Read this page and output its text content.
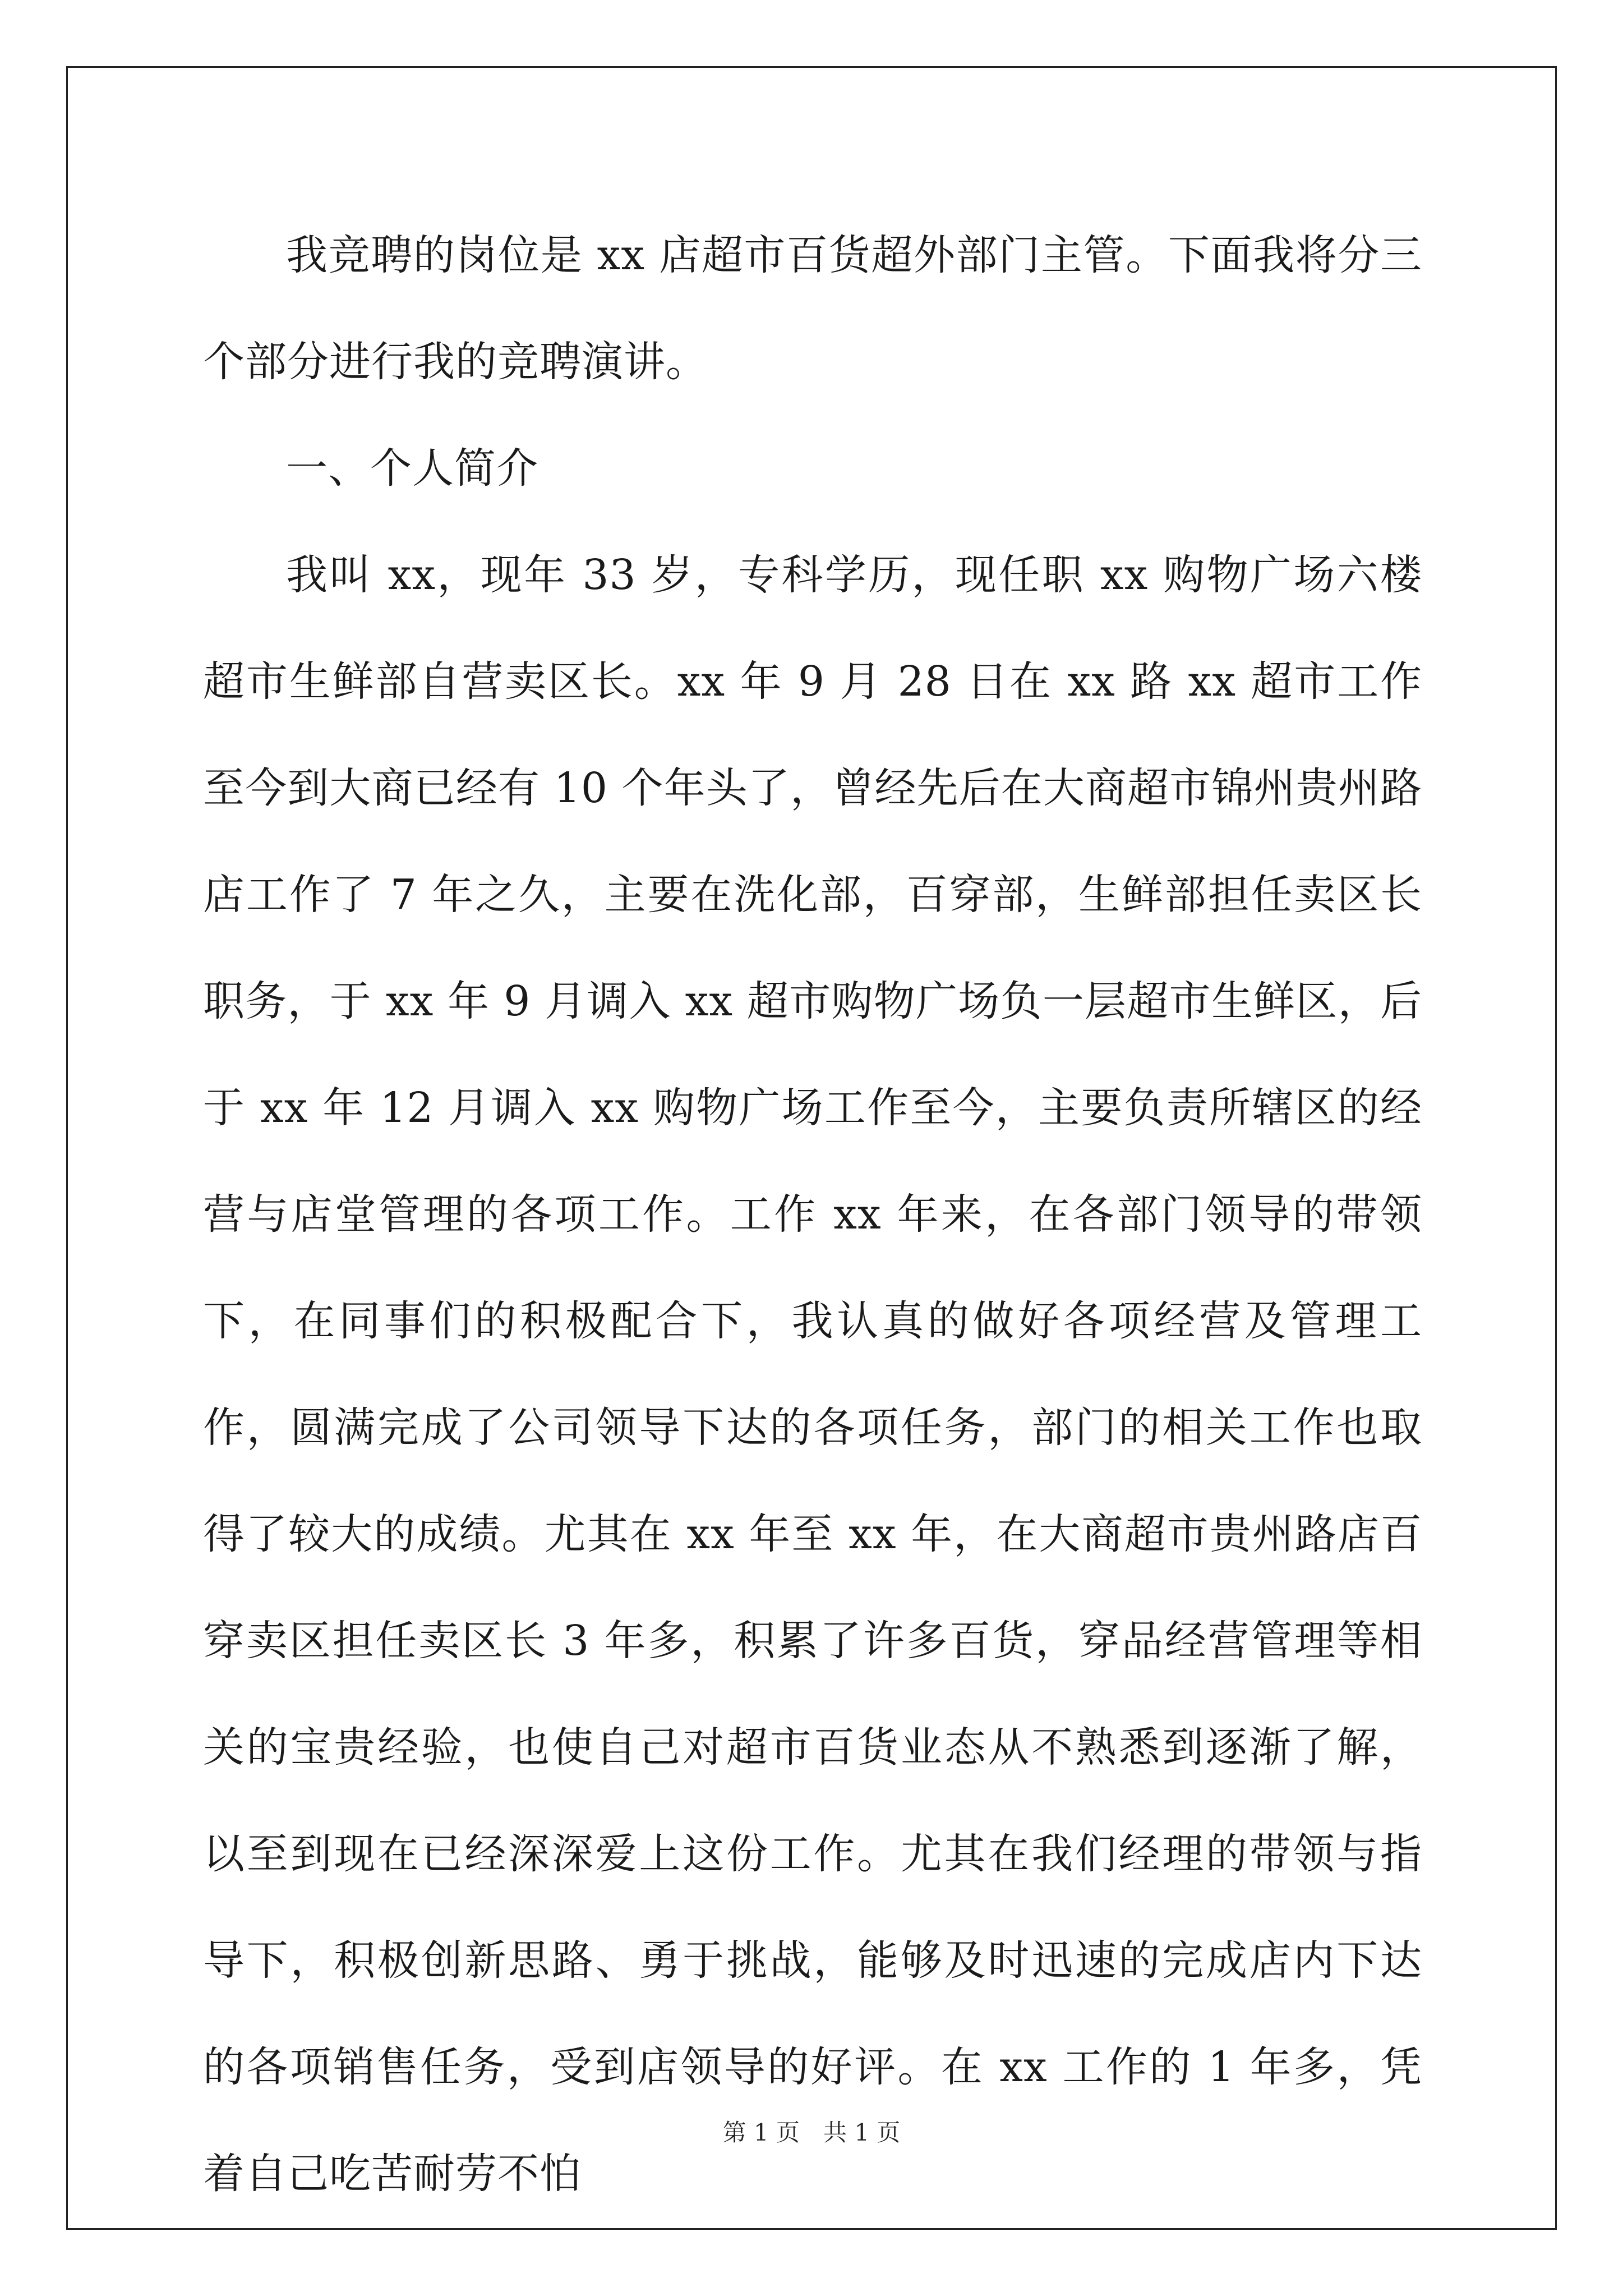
我竞聘的岗位是 xx 店超市百货超外部门主管。下面我将分三个部分进行我的竞聘演讲。

一、个人简介

我叫 xx，现年 33 岁，专科学历，现任职 xx 购物广场六楼超市生鲜部自营卖区长。xx 年 9 月 28 日在 xx 路 xx 超市工作至今到大商已经有 10 个年头了，曾经先后在大商超市锦州贵州路店工作了 7 年之久，主要在洗化部，百穿部，生鲜部担任卖区长职务，于 xx 年 9 月调入 xx 超市购物广场负一层超市生鲜区，后于 xx 年 12 月调入 xx 购物广场工作至今，主要负责所辖区的经营与店堂管理的各项工作。工作 xx 年来，在各部门领导的带领下，在同事们的积极配合下，我认真的做好各项经营及管理工作，圆满完成了公司领导下达的各项任务，部门的相关工作也取得了较大的成绩。尤其在 xx 年至 xx 年，在大商超市贵州路店百穿卖区担任卖区长 3 年多，积累了许多百货，穿品经营管理等相关的宝贵经验，也使自己对超市百货业态从不熟悉到逐渐了解，以至到现在已经深深爱上这份工作。尤其在我们经理的带领与指导下，积极创新思路、勇于挑战，能够及时迅速的完成店内下达的各项销售任务，受到店领导的好评。在 xx 工作的 1 年多，凭着自己吃苦耐劳不怕

第 1 页　共 1 页
